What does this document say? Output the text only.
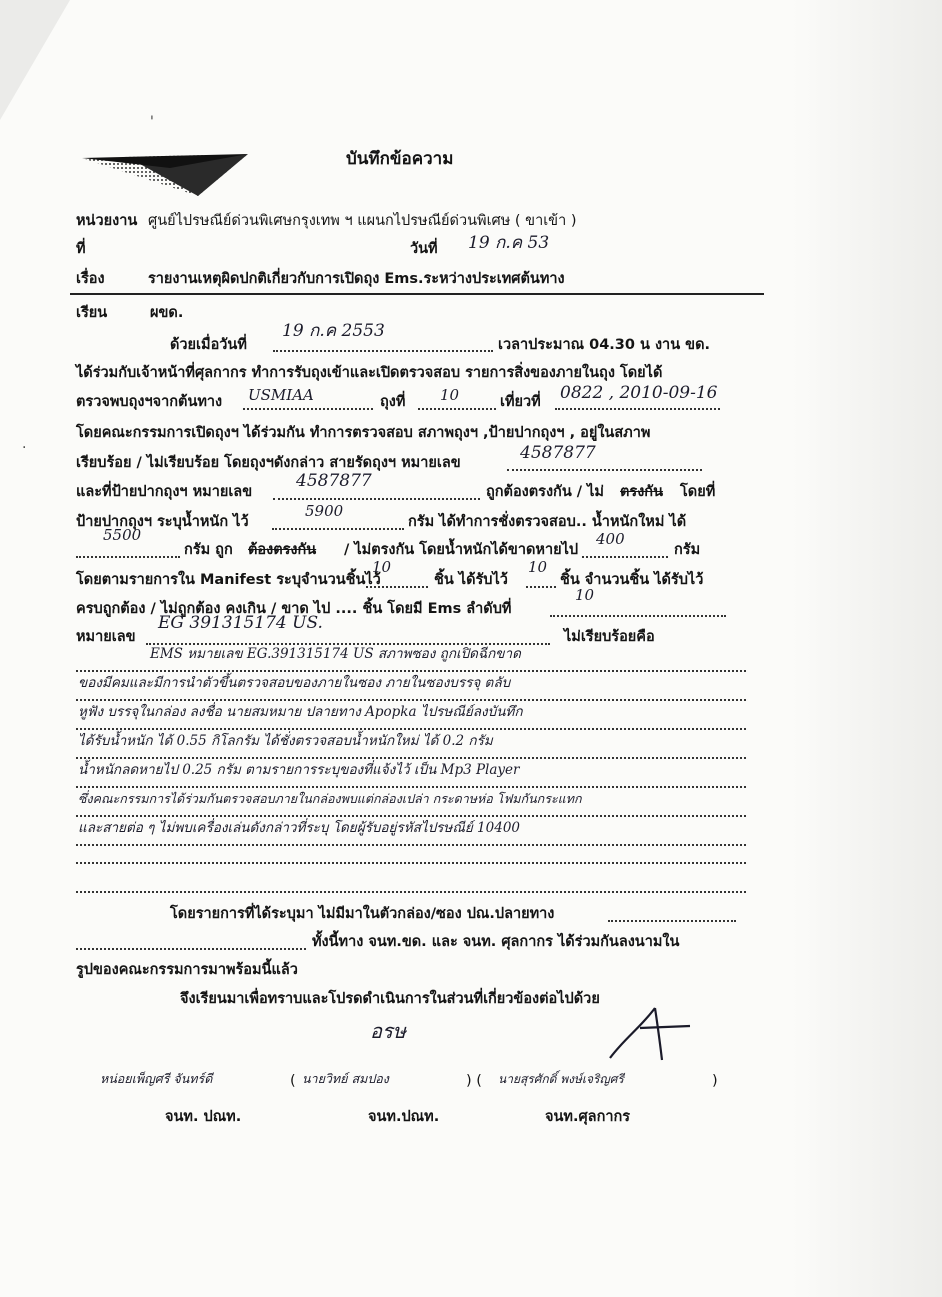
'
·
บันทึกข้อความ
หน่วยงาน ศูนย์ไปรษณีย์ด่วนพิเศษกรุงเทพ ฯ แผนกไปรษณีย์ด่วนพิเศษ ( ขาเข้า )
ที่	วันที่ 19 ก.ค 53
เรื่อง	รายงานเหตุผิดปกติเกี่ยวกับการเปิดถุง Ems.ระหว่างประเทศต้นทาง
เรียน	ผขด.
ด้วยเมื่อวันที่
19 ก.ค 2553
เวลาประมาณ 04.30 น งาน ขด.
ได้ร่วมกับเจ้าหน้าที่ศุลกากร ทำการรับถุงเข้าและเปิดตรวจสอบ รายการสิ่งของภายในถุง โดยได้
ตรวจพบถุงฯจากต้นทาง USMIAA	ถุงที่ 10	เที่ยวที่ 0822 , 2010-09-16
โดยคณะกรรมการเปิดถุงฯ ได้ร่วมกัน ทำการตรวจสอบ สภาพถุงฯ ,ป้ายปากถุงฯ , อยู่ในสภาพ
เรียบร้อย / ไม่เรียบร้อย โดยถุงฯดังกล่าว สายรัดถุงฯ หมายเลข	4587877
และที่ป้ายปากถุงฯ หมายเลข
4587877
ถูกต้องตรงกัน / ไม่ ตรงกัน โดยที่
ป้ายปากถุงฯ ระบุน้ำหนัก ไว้
5900
กรัม ได้ทำการชั่งตรวจสอบ.. น้ำหนักใหม่ ได้
5500
กรัม ถูก ต้องตรงกัน / ไม่ตรงกัน โดยน้ำหนักได้ขาดหายไป
400
กรัม
โดยตามรายการใน Manifest ระบุจำนวนชิ้นไว้
10
ชิ้น ได้รับไว้
10
ชิ้น จำนวนชิ้น ได้รับไว้
ครบถูกต้อง / ไม่ถูกต้อง คงเกิน / ขาด ไป .... ชิ้น โดยมี Ems ลำดับที่
10
หมายเลข
EG 391315174 US.
ไม่เรียบร้อยคือ
EMS หมายเลข EG.391315174 US สภาพซอง ถูกเปิดฉีกขาด
ของมีคมและมีการนำตัวขึ้นตรวจสอบของภายในซอง ภายในซองบรรจุ ตลับ
หูฟัง บรรจุในกล่อง ลงชื่อ นายสมหมาย ปลายทาง Apopka ไปรษณีย์ลงบันทึก
ได้รับน้ำหนัก ได้ 0.55 กิโลกรัม ได้ชั่งตรวจสอบน้ำหนักใหม่ ได้ 0.2 กรัม
น้ำหนักลดหายไป 0.25 กรัม ตามรายการระบุของที่แจ้งไว้ เป็น Mp3 Player
ซึ่งคณะกรรมการได้ร่วมกันตรวจสอบภายในกล่องพบแต่กล่องเปล่า กระดาษห่อ โฟมกันกระแทก
และสายต่อ ๆ ไม่พบเครื่องเล่นดังกล่าวที่ระบุ โดยผู้รับอยู่รหัสไปรษณีย์ 10400
โดยรายการที่ได้ระบุมา ไม่มีมาในตัวกล่อง/ซอง ปณ.ปลายทาง
ทั้งนี้ทาง จนท.ขด. และ จนท. ศุลกากร ได้ร่วมกันลงนามใน
รูปของคณะกรรมการมาพร้อมนี้แล้ว
จึงเรียนมาเพื่อทราบและโปรดดำเนินการในส่วนที่เกี่ยวข้องต่อไปด้วย
อรษ
หน่อยเพ็ญศรี จันทร์ดี	( นายวิทย์ สมปอง	) ( นายสุรศักดิ์ พงษ์เจริญศรี	)
จนท. ปณท.	จนท.ปณท.	จนท.ศุลกากร
